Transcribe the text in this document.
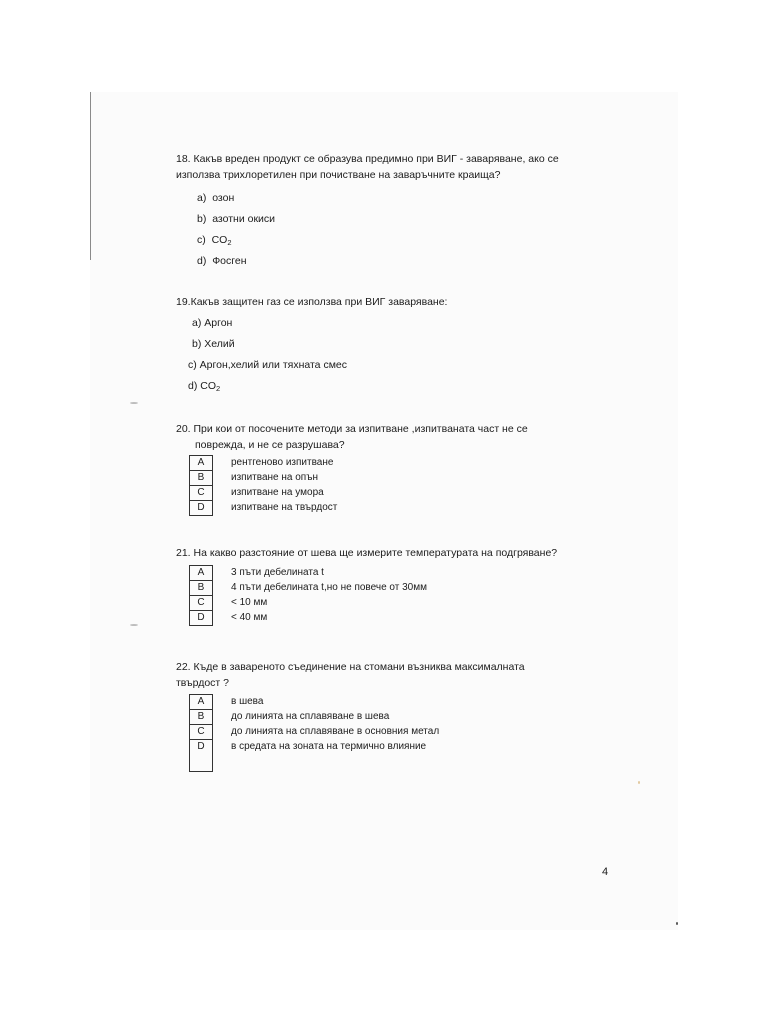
18. Какъв вреден продукт се образува предимно при ВИГ - заваряване, ако се
използва трихлоретилен при почистване на заваръчните краища?
a) озон
b) азотни окиси
c) $CO_2$
d) Фосген
19.Какъв защитен газ се използва при ВИГ заваряване:
a) Аргон
b) Хелий
c) Аргон,хелий или тяхната смес
d) $CO_2$
20. При кои от посочените методи за изпитване ,изпитваната част не се
повреждa, и не се разрушава?
A
B
C
D
рентгеново изпитване
изпитване на опън
изпитване на умора
изпитване на твърдост
21. На какво разстояние от шева ще измерите температурата на подгряване?
A
B
C
D
3 пъти дебелината t
4 пъти дебелината t,но не повече от 30мм
< 10 мм
< 40 мм
22. Къде в завареното съединение на стомани възниква максималната
твърдост ?
A
B
C
D
в шева
до линията на сплавяване в шева
до линията на сплавяване в основния метал
в средата на зоната на термично влияние
4
